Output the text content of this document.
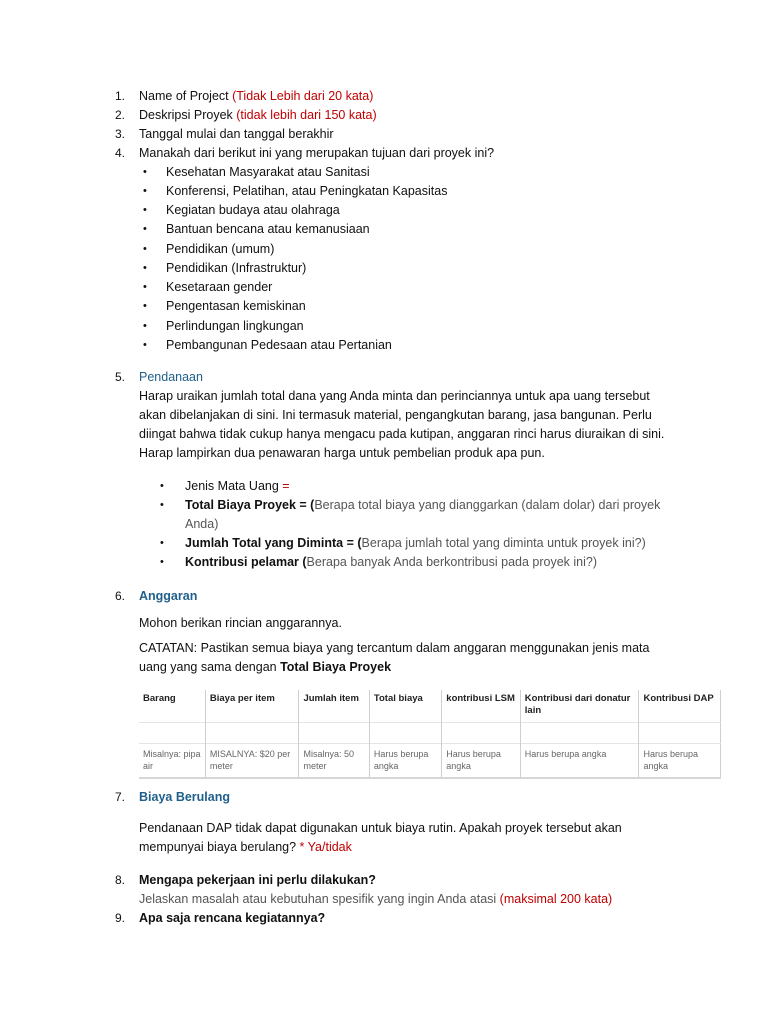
1. Name of Project (Tidak Lebih dari 20 kata)
2. Deskripsi Proyek (tidak lebih dari 150 kata)
3. Tanggal mulai dan tanggal berakhir
4. Manakah dari berikut ini yang merupakan tujuan dari proyek ini?
• Kesehatan Masyarakat atau Sanitasi
• Konferensi, Pelatihan, atau Peningkatan Kapasitas
• Kegiatan budaya atau olahraga
• Bantuan bencana atau kemanusiaan
• Pendidikan (umum)
• Pendidikan (Infrastruktur)
• Kesetaraan gender
• Pengentasan kemiskinan
• Perlindungan lingkungan
• Pembangunan Pedesaan atau Pertanian
5. Pendanaan
Harap uraikan jumlah total dana yang Anda minta dan perinciannya untuk apa uang tersebut akan dibelanjakan di sini. Ini termasuk material, pengangkutan barang, jasa bangunan. Perlu diingat bahwa tidak cukup hanya mengacu pada kutipan, anggaran rinci harus diuraikan di sini. Harap lampirkan dua penawaran harga untuk pembelian produk apa pun.
• Jenis Mata Uang =
• Total Biaya Proyek = (Berapa total biaya yang dianggarkan (dalam dolar) dari proyek Anda)
• Jumlah Total yang Diminta = (Berapa jumlah total yang diminta untuk proyek ini?)
• Kontribusi pelamar (Berapa banyak Anda berkontribusi pada proyek ini?)
6. Anggaran
Mohon berikan rincian anggarannya.
CATATAN: Pastikan semua biaya yang tercantum dalam anggaran menggunakan jenis mata uang yang sama dengan Total Biaya Proyek
Barang	Biaya per item	Jumlah item	Total biaya	kontribusi LSM	Kontribusi dari donatur lain	Kontribusi DAP

Misalnya: pipa air	MISALNYA: $20 per meter	Misalnya: 50 meter	Harus berupa angka	Harus berupa angka	Harus berupa angka	Harus berupa angka
7. Biaya Berulang
Pendanaan DAP tidak dapat digunakan untuk biaya rutin. Apakah proyek tersebut akan mempunyai biaya berulang? * Ya/tidak
8. Mengapa pekerjaan ini perlu dilakukan?
Jelaskan masalah atau kebutuhan spesifik yang ingin Anda atasi (maksimal 200 kata)
9. Apa saja rencana kegiatannya?
